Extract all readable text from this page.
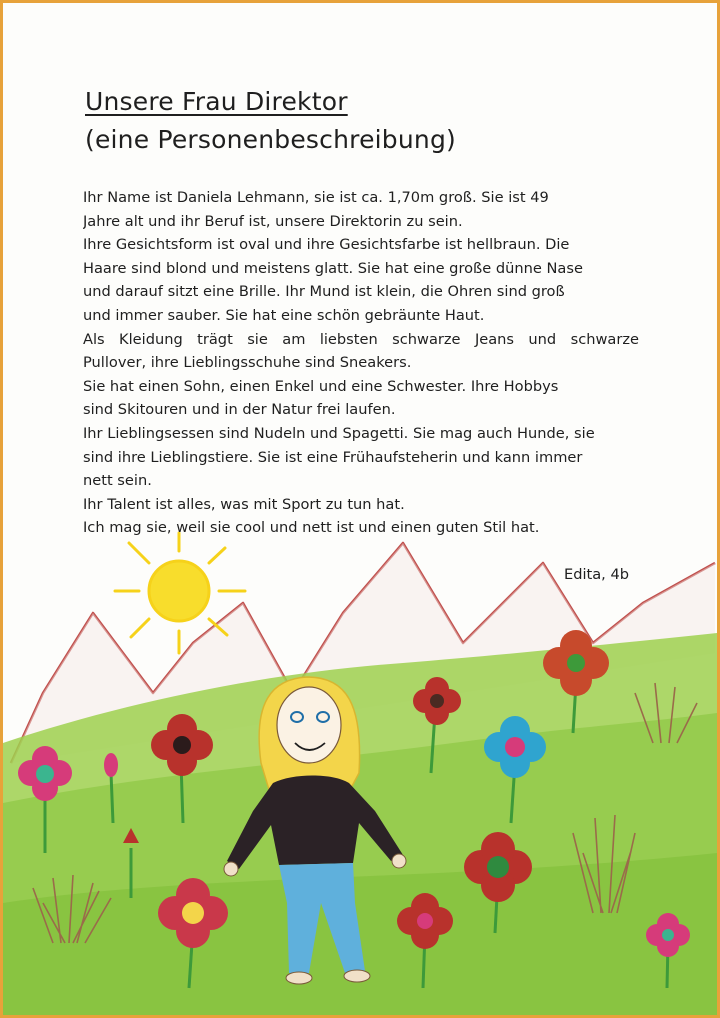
Unsere Frau Direktor
(eine Personenbeschreibung)
Ihr Name ist Daniela Lehmann, sie ist ca. 1,70m groß. Sie ist 49
Jahre alt und ihr Beruf ist, unsere Direktorin zu sein.
Ihre Gesichtsform ist oval und ihre Gesichtsfarbe ist hellbraun. Die
Haare sind blond und meistens glatt. Sie hat eine große dünne Nase
und darauf sitzt eine Brille. Ihr Mund ist klein, die Ohren sind groß
und immer sauber. Sie hat eine schön gebräunte Haut.
Als Kleidung trägt sie am liebsten schwarze Jeans und schwarze
Pullover, ihre Lieblingsschuhe sind Sneakers.
Sie hat einen Sohn, einen Enkel und eine Schwester. Ihre Hobbys
sind Skitouren und in der Natur frei laufen.
Ihr Lieblingsessen sind Nudeln und Spagetti. Sie mag auch Hunde, sie
sind ihre Lieblingstiere. Sie ist eine Frühaufsteherin und kann immer
nett sein.
Ihr Talent ist alles, was mit Sport zu tun hat.
Ich mag sie, weil sie cool und nett ist und einen guten Stil hat.
Edita, 4b
